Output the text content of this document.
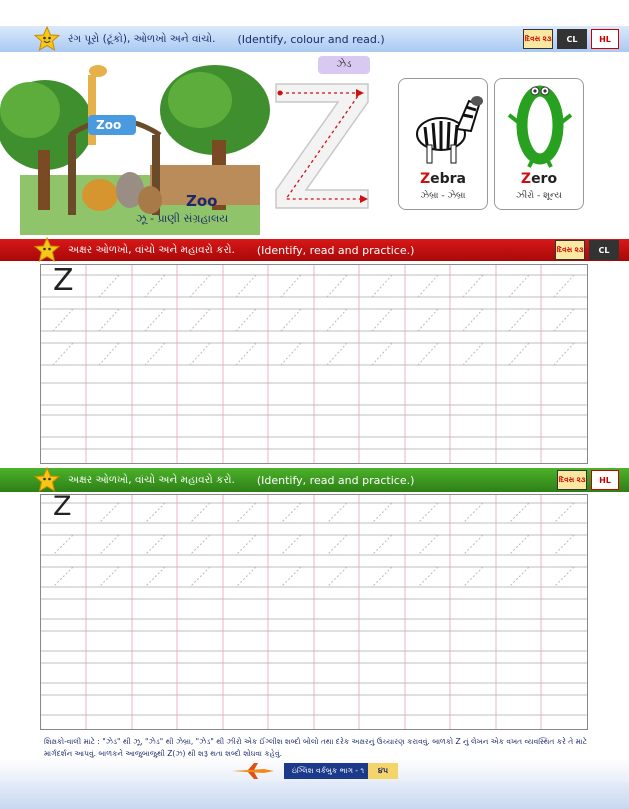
રંગ પૂરો (ટૂંકો), ઓળખો અને વાંચો. (Identify, colour and read.)	દિવસ ૨૩	CL	HL
Zoo
Zoo
ઝૂ - પ્રાણી સંગ્રહાલય
ઝેડ
Zebra
ઝેબ્રા - ઝેબ્રા
Zero
ઝીરો - શૂન્ય
અક્ષર ઓળખો, વાંચો અને મહાવરો કરો. (Identify, read and practice.)	દિવસ ૨૩	CL
Z
અક્ષર ઓળખો, વાંચો અને મહાવરો કરો. (Identify, read and practice.)	દિવસ ૨૩	HL
Z
શિક્ષકો-વાલી માટે : "ઝેડ" થી ઝૂ, "ઝેડ" થી ઝેબ્રા, "ઝેડ" થી ઝીરો એક ઈંગ્લીશ શબ્દો બોલો તથા દરેક અક્ષરનું ઉચ્ચારણ કરાવવું. બાળકો Z નું લેખન એક વખત વ્યવસ્થિત કરે તે માટે માર્ગદર્શન આપવું. બાળકને આજુબાજુથી Z(ઝ) થી શરૂ થતા શબ્દો શોધવા કહેવું.
ઇંગ્લિશ વર્કબુક ભાગ - ૧	૪૫
